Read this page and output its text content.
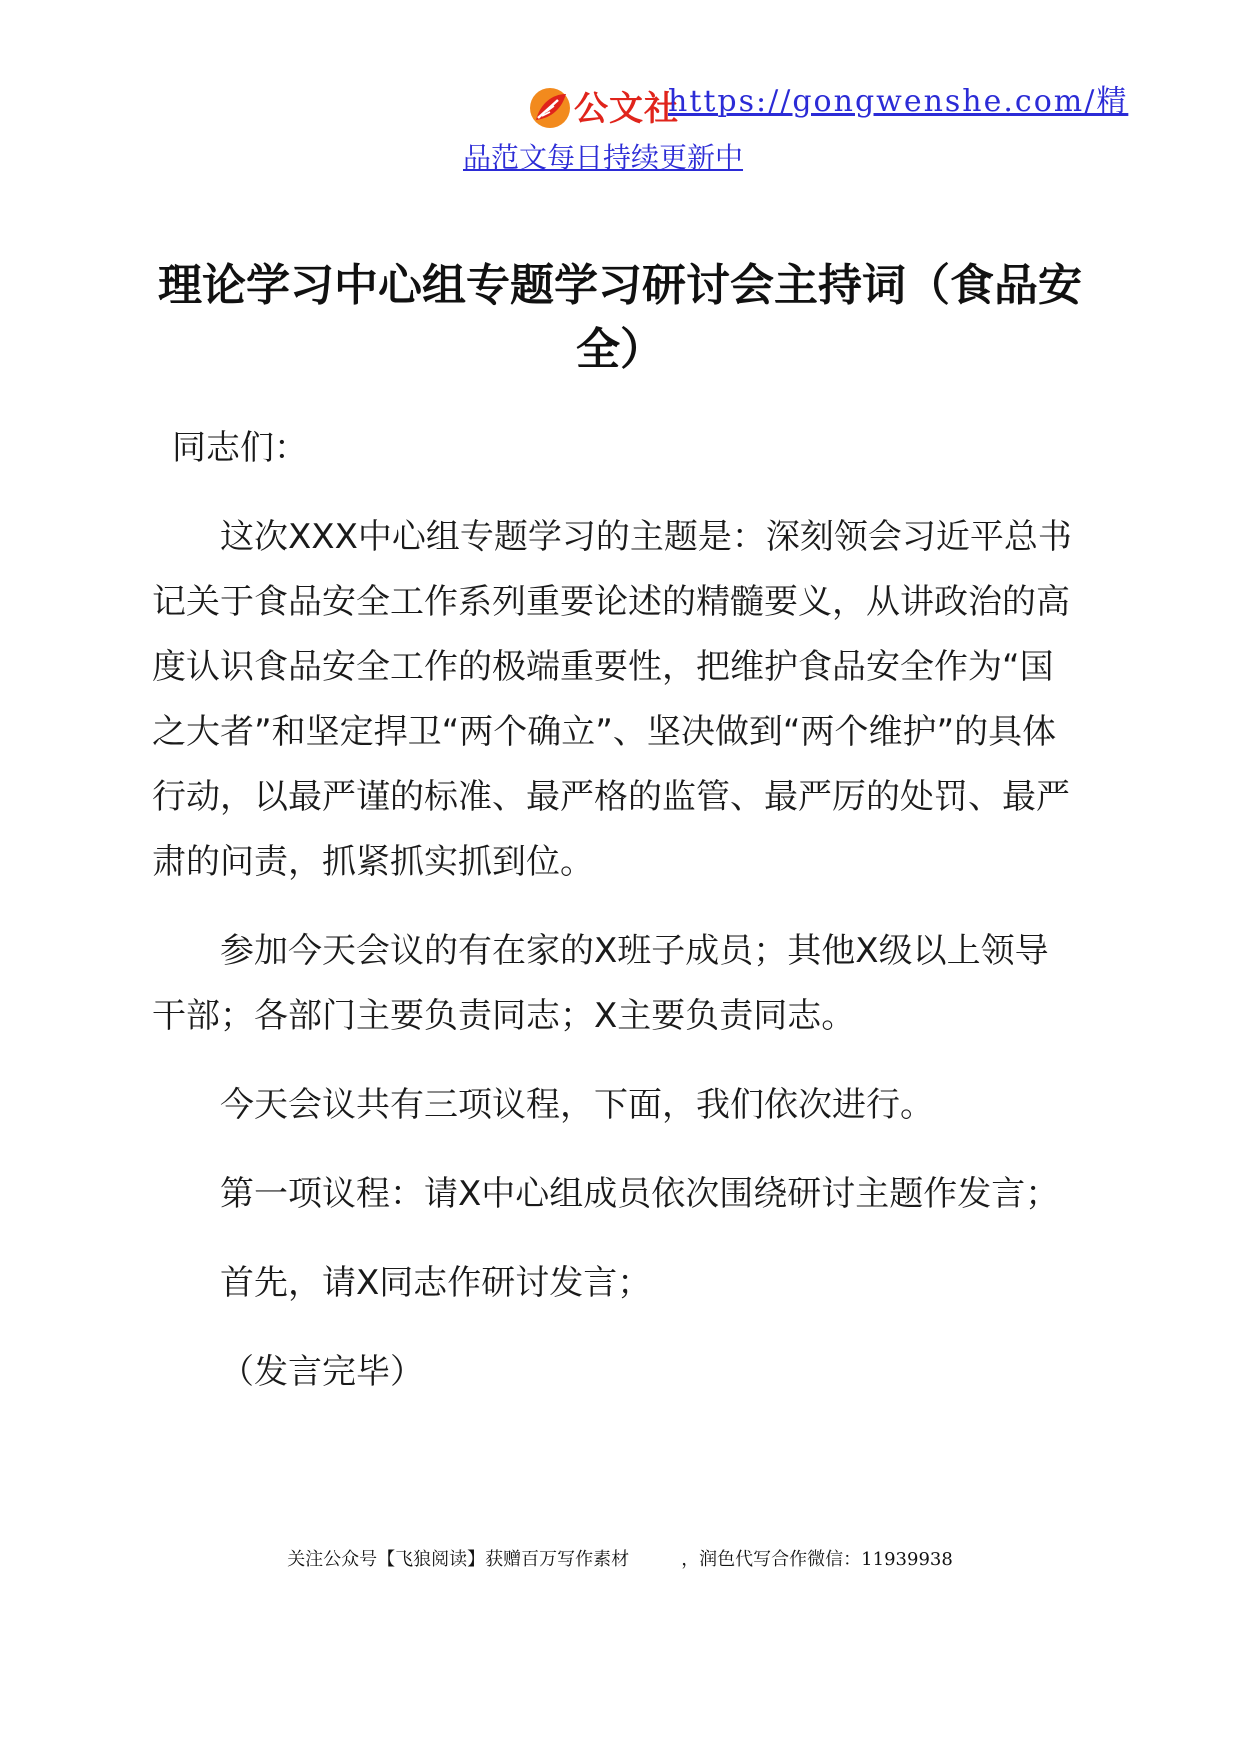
公文社
https://gongwenshe.com/精
品范文每日持续更新中
理论学习中心组专题学习研讨会主持词（食品安全）

同志们：

这次XXX中心组专题学习的主题是：深刻领会习近平总书记关于食品安全工作系列重要论述的精髓要义，从讲政治的高度认识食品安全工作的极端重要性，把维护食品安全作为“国之大者”和坚定捍卫“两个确立”、坚决做到“两个维护”的具体行动，以最严谨的标准、最严格的监管、最严厉的处罚、最严肃的问责，抓紧抓实抓到位。

参加今天会议的有在家的X班子成员；其他X级以上领导干部；各部门主要负责同志；X主要负责同志。

今天会议共有三项议程，下面，我们依次进行。

第一项议程：请X中心组成员依次围绕研讨主题作发言；

首先，请X同志作研讨发言；

（发言完毕）

关注公众号【飞狼阅读】获赠百万写作素材	，润色代写合作微信：11939938
